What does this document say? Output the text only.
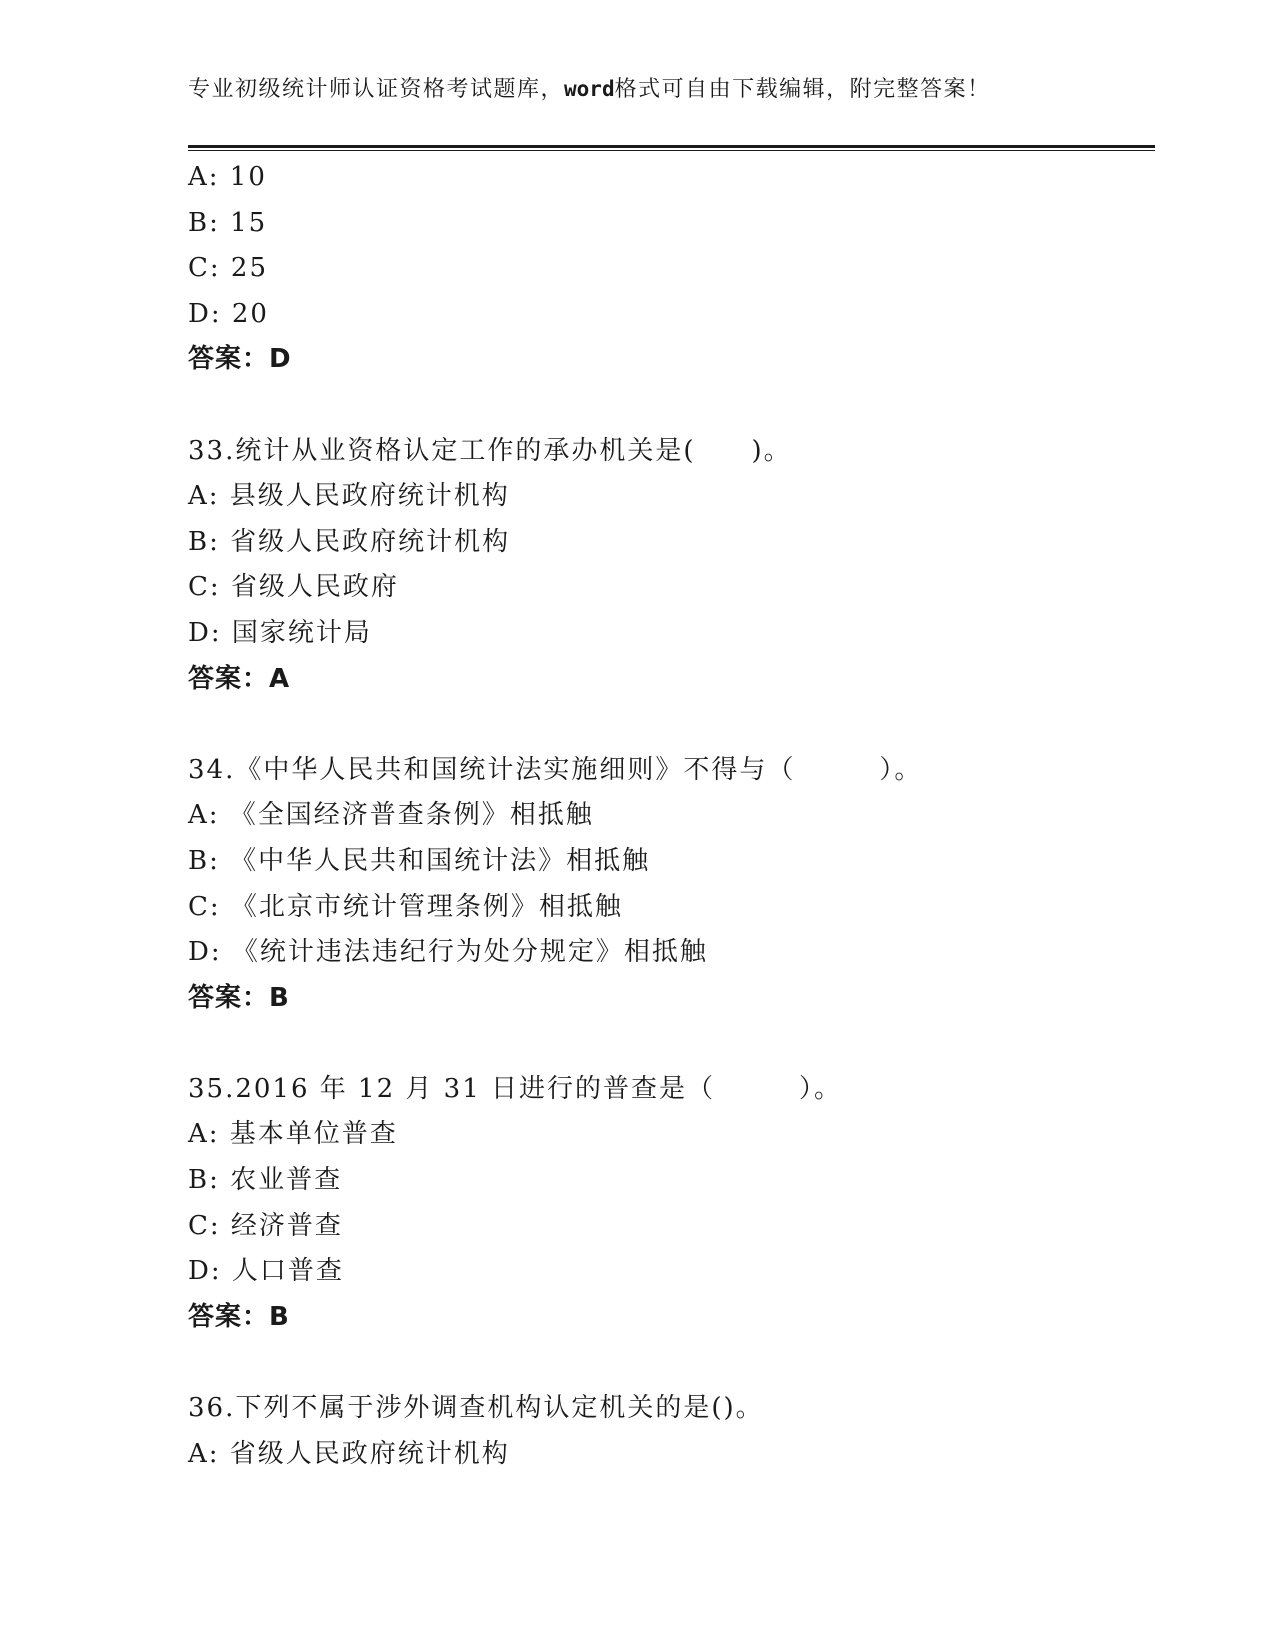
专业初级统计师认证资格考试题库，word格式可自由下载编辑，附完整答案！
A: 10
B: 15
C: 25
D: 20
答案：D
33.统计从业资格认定工作的承办机关是(　　)。
A: 县级人民政府统计机构
B: 省级人民政府统计机构
C: 省级人民政府
D: 国家统计局
答案：A
34.《中华人民共和国统计法实施细则》不得与（　　　）。
A: 《全国经济普查条例》相抵触
B: 《中华人民共和国统计法》相抵触
C: 《北京市统计管理条例》相抵触
D: 《统计违法违纪行为处分规定》相抵触
答案：B
35.2016 年 12 月 31 日进行的普查是（　　　）。
A: 基本单位普查
B: 农业普查
C: 经济普查
D: 人口普查
答案：B
36.下列不属于涉外调查机构认定机关的是()。
A: 省级人民政府统计机构
